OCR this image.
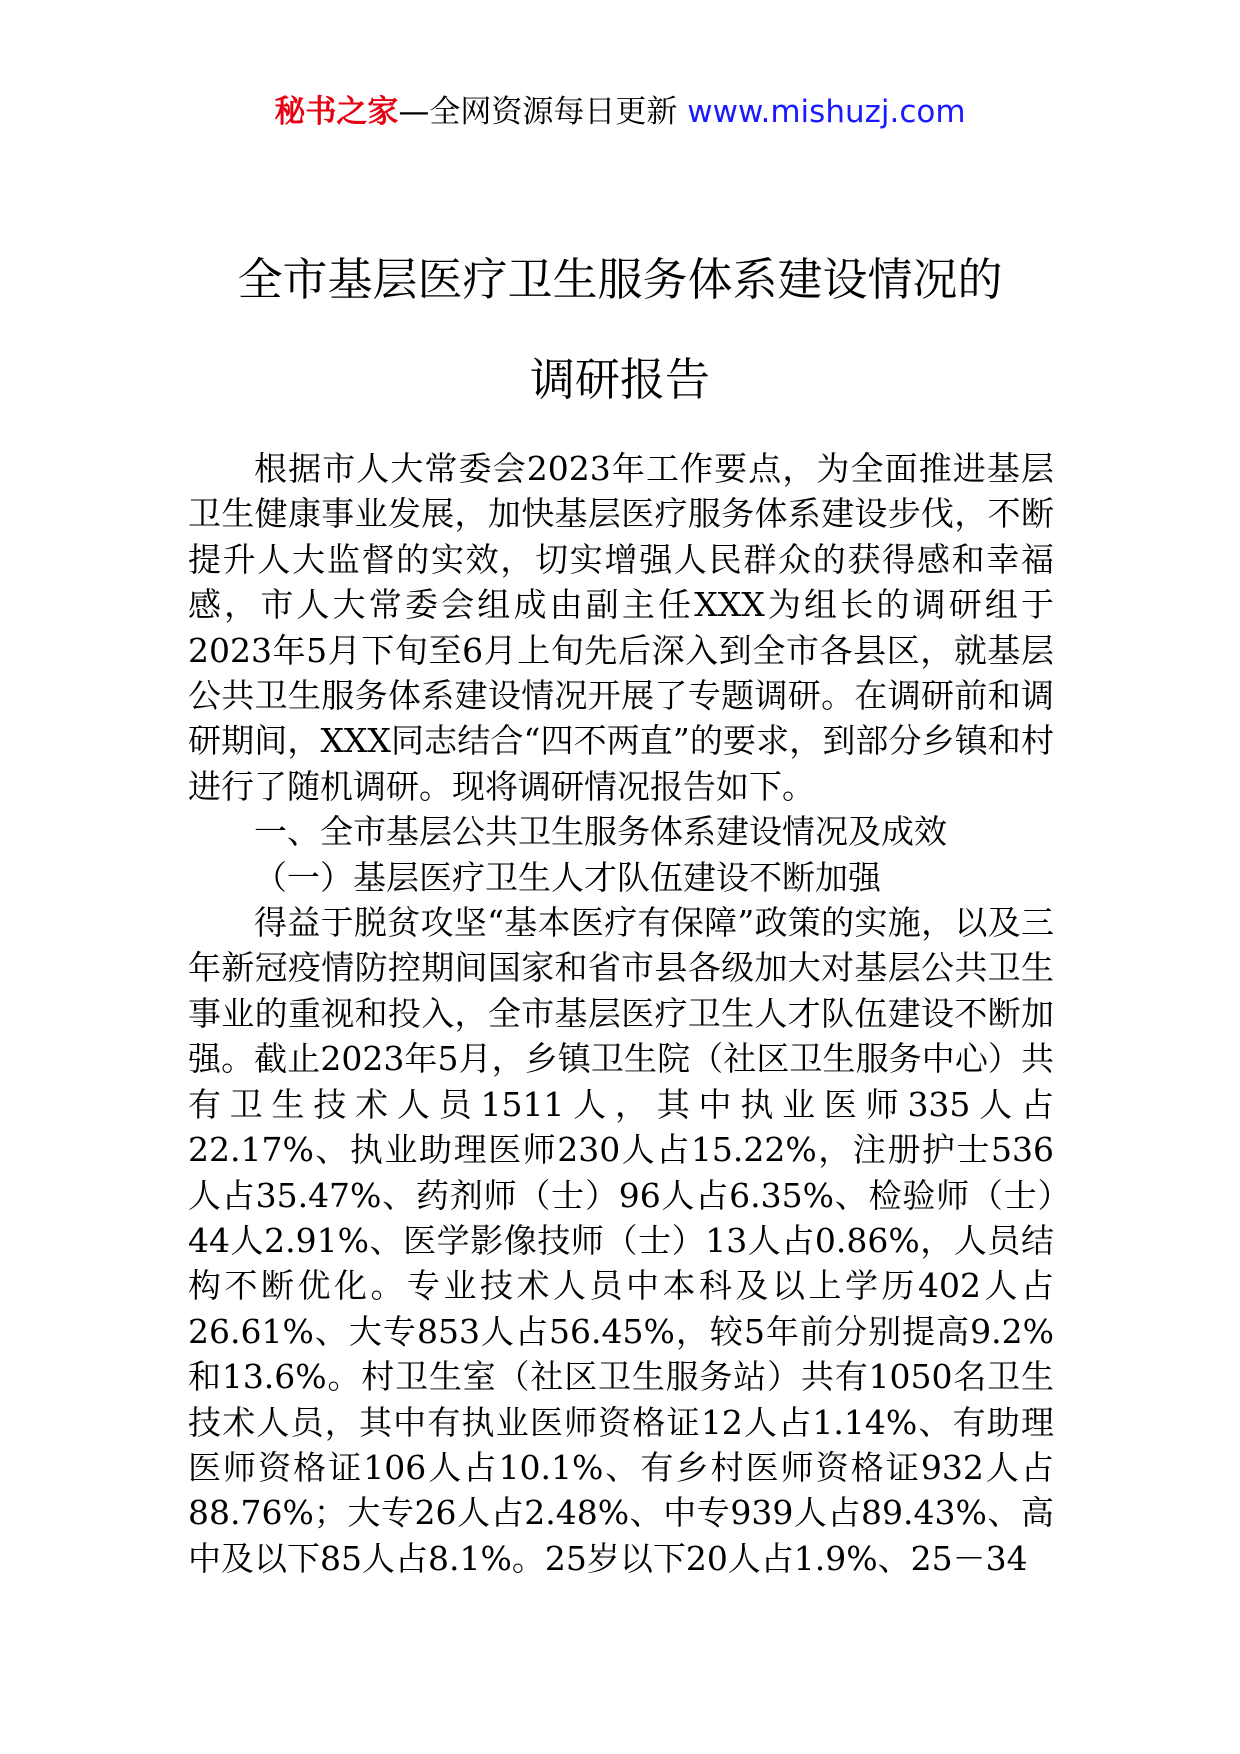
秘书之家—全网资源每日更新 www.mishuzj.com
全市基层医疗卫生服务体系建设情况的
调研报告

根据市人大常委会2023年工作要点，为全面推进基层卫生健康事业发展，加快基层医疗服务体系建设步伐，不断提升人大监督的实效，切实增强人民群众的获得感和幸福感，市人大常委会组成由副主任XXX为组长的调研组于2023年5月下旬至6月上旬先后深入到全市各县区，就基层公共卫生服务体系建设情况开展了专题调研。在调研前和调研期间，XXX同志结合“四不两直”的要求，到部分乡镇和村进行了随机调研。现将调研情况报告如下。

一、全市基层公共卫生服务体系建设情况及成效

（一）基层医疗卫生人才队伍建设不断加强

得益于脱贫攻坚“基本医疗有保障”政策的实施，以及三年新冠疫情防控期间国家和省市县各级加大对基层公共卫生事业的重视和投入，全市基层医疗卫生人才队伍建设不断加强。截止2023年5月，乡镇卫生院（社区卫生服务中心）共有卫生技术人员1511人，其中执业医师335人占22.17%、执业助理医师230人占15.22%，注册护士536人占35.47%、药剂师（士）96人占6.35%、检验师（士）44人2.91%、医学影像技师（士）13人占0.86%，人员结构不断优化。专业技术人员中本科及以上学历402人占26.61%、大专853人占56.45%，较5年前分别提高9.2%和13.6%。村卫生室（社区卫生服务站）共有1050名卫生技术人员，其中有执业医师资格证12人占1.14%、有助理医师资格证106人占10.1%、有乡村医师资格证932人占88.76%；大专26人占2.48%、中专939人占89.43%、高中及以下85人占8.1%。25岁以下20人占1.9%、25－34
